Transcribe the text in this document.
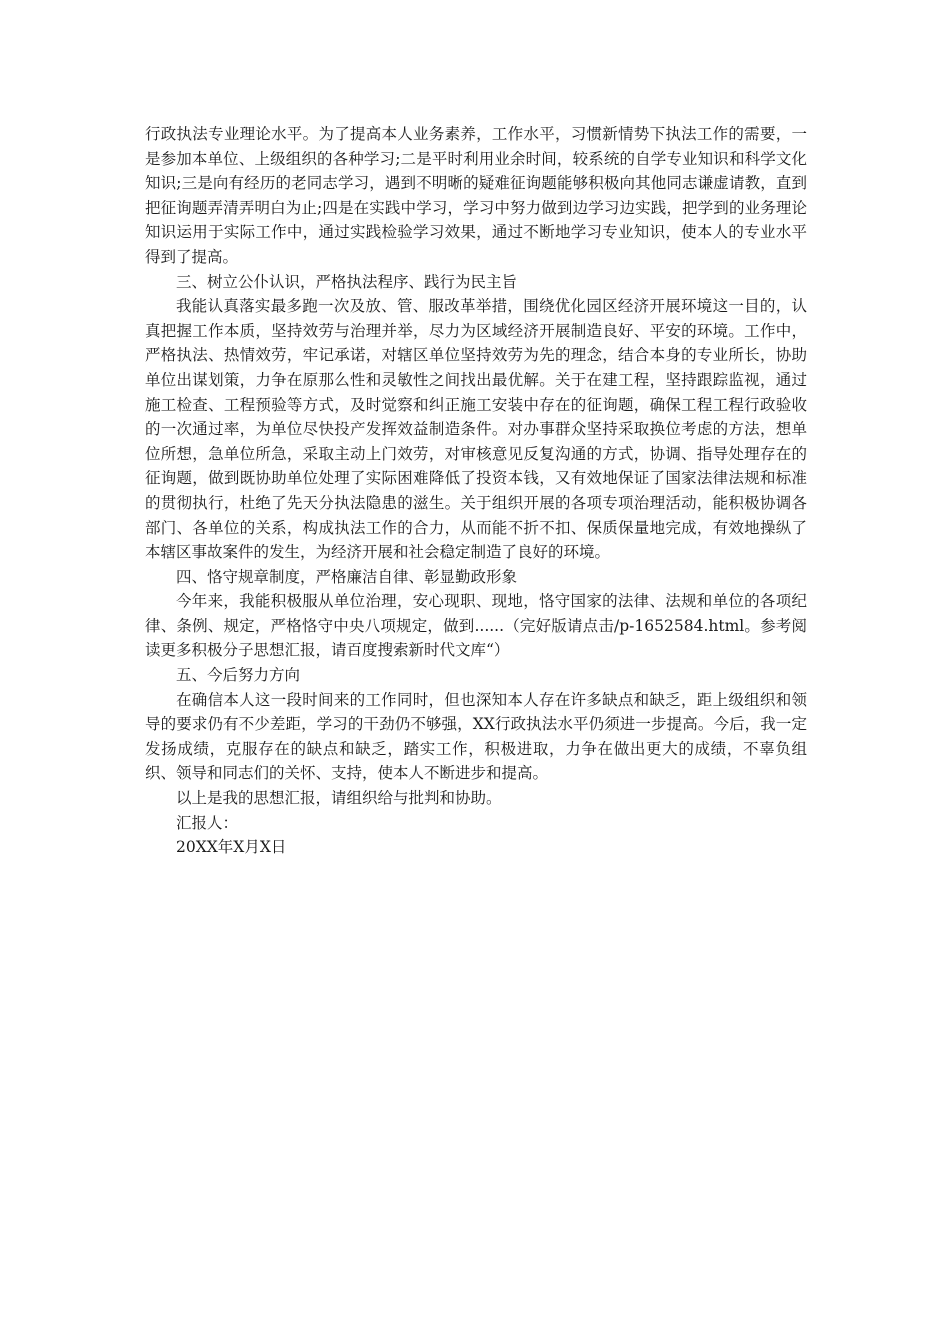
行政执法专业理论水平。为了提高本人业务素养，工作水平，习惯新情势下执法工作的需要，一是参加本单位、上级组织的各种学习;二是平时利用业余时间，较系统的自学专业知识和科学文化知识;三是向有经历的老同志学习，遇到不明晰的疑难征询题能够积极向其他同志谦虚请教，直到把征询题弄清弄明白为止;四是在实践中学习，学习中努力做到边学习边实践，把学到的业务理论知识运用于实际工作中，通过实践检验学习效果，通过不断地学习专业知识，使本人的专业水平得到了提高。

三、树立公仆认识，严格执法程序、践行为民主旨

我能认真落实最多跑一次及放、管、服改革举措，围绕优化园区经济开展环境这一目的，认真把握工作本质，坚持效劳与治理并举，尽力为区域经济开展制造良好、平安的环境。工作中，严格执法、热情效劳，牢记承诺，对辖区单位坚持效劳为先的理念，结合本身的专业所长，协助单位出谋划策，力争在原那么性和灵敏性之间找出最优解。关于在建工程，坚持跟踪监视，通过施工检查、工程预验等方式，及时觉察和纠正施工安装中存在的征询题，确保工程工程行政验收的一次通过率，为单位尽快投产发挥效益制造条件。对办事群众坚持采取换位考虑的方法，想单位所想，急单位所急，采取主动上门效劳，对审核意见反复沟通的方式，协调、指导处理存在的征询题，做到既协助单位处理了实际困难降低了投资本钱，又有效地保证了国家法律法规和标准的贯彻执行，杜绝了先天分执法隐患的滋生。关于组织开展的各项专项治理活动，能积极协调各部门、各单位的关系，构成执法工作的合力，从而能不折不扣、保质保量地完成，有效地操纵了本辖区事故案件的发生，为经济开展和社会稳定制造了良好的环境。

四、恪守规章制度，严格廉洁自律、彰显勤政形象

今年来，我能积极服从单位治理，安心现职、现地，恪守国家的法律、法规和单位的各项纪律、条例、规定，严格恪守中央八项规定，做到......（完好版请点击/p-1652584.html。参考阅读更多积极分子思想汇报，请百度搜索新时代文库“）

五、今后努力方向

在确信本人这一段时间来的工作同时，但也深知本人存在许多缺点和缺乏，距上级组织和领导的要求仍有不少差距，学习的干劲仍不够强，XX行政执法水平仍须进一步提高。今后，我一定发扬成绩，克服存在的缺点和缺乏，踏实工作，积极进取，力争在做出更大的成绩，不辜负组织、领导和同志们的关怀、支持，使本人不断进步和提高。

以上是我的思想汇报，请组织给与批判和协助。

汇报人：

20XX年X月X日
